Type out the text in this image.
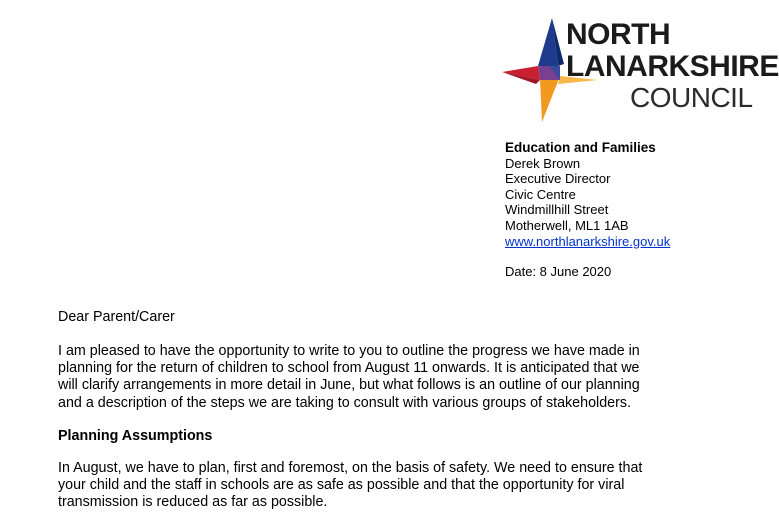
NORTH
LANARKSHIRE
COUNCIL
Education and Families
Derek Brown
Executive Director
Civic Centre
Windmillhill Street
Motherwell, ML1 1AB
www.northlanarkshire.gov.uk
Date: 8 June 2020
Dear Parent/Carer
I am pleased to have the opportunity to write to you to outline the progress we have made in
planning for the return of children to school from August 11 onwards. It is anticipated that we
will clarify arrangements in more detail in June, but what follows is an outline of our planning
and a description of the steps we are taking to consult with various groups of stakeholders.
Planning Assumptions
In August, we have to plan, first and foremost, on the basis of safety. We need to ensure that
your child and the staff in schools are as safe as possible and that the opportunity for viral
transmission is reduced as far as possible.
